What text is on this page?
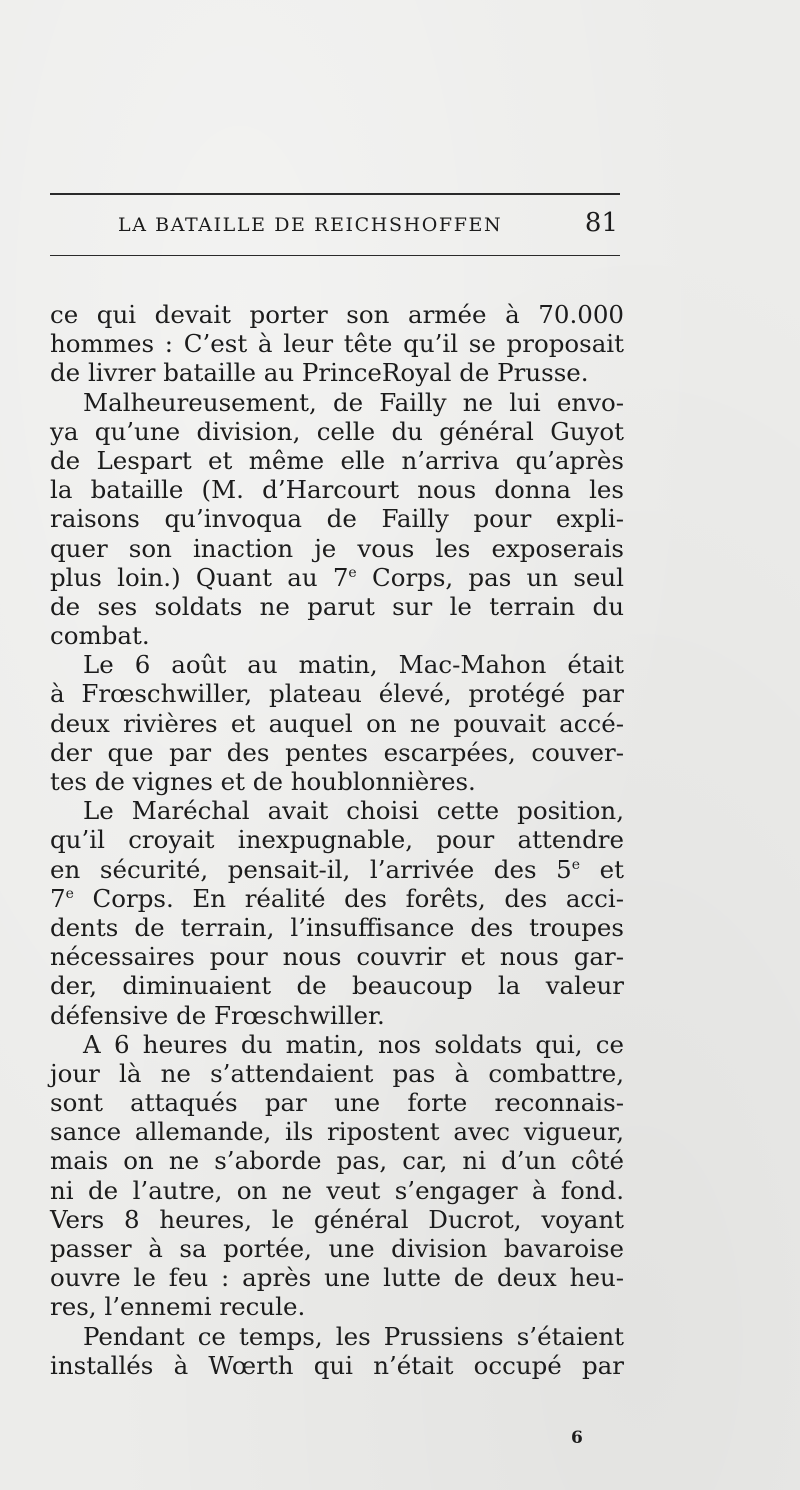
LA BATAILLE DE REICHSHOFFEN	81
ce qui devait porter son armée à 70.000
hommes : C’est à leur tête qu’il se proposait
de livrer bataille au PrinceRoyal de Prusse.
Malheureusement, de Failly ne lui envo-
ya qu’une division, celle du général Guyot
de Lespart et même elle n’arriva qu’après
la bataille (M. d’Harcourt nous donna les
raisons qu’invoqua de Failly pour expli-
quer son inaction je vous les exposerais
plus loin.) Quant au 7e Corps, pas un seul
de ses soldats ne parut sur le terrain du
combat.
Le 6 août au matin, Mac-Mahon était
à Frœschwiller, plateau élevé, protégé par
deux rivières et auquel on ne pouvait accé-
der que par des pentes escarpées, couver-
tes de vignes et de houblonnières.
Le Maréchal avait choisi cette position,
qu’il croyait inexpugnable, pour attendre
en sécurité, pensait-il, l’arrivée des 5e et
7e Corps. En réalité des forêts, des acci-
dents de terrain, l’insuffisance des troupes
nécessaires pour nous couvrir et nous gar-
der, diminuaient de beaucoup la valeur
défensive de Frœschwiller.
A 6 heures du matin, nos soldats qui, ce
jour là ne s’attendaient pas à combattre,
sont attaqués par une forte reconnais-
sance allemande, ils ripostent avec vigueur,
mais on ne s’aborde pas, car, ni d’un côté
ni de l’autre, on ne veut s’engager à fond.
Vers 8 heures, le général Ducrot, voyant
passer à sa portée, une division bavaroise
ouvre le feu : après une lutte de deux heu-
res, l’ennemi recule.
Pendant ce temps, les Prussiens s’étaient
installés à Wœrth qui n’était occupé par
6
